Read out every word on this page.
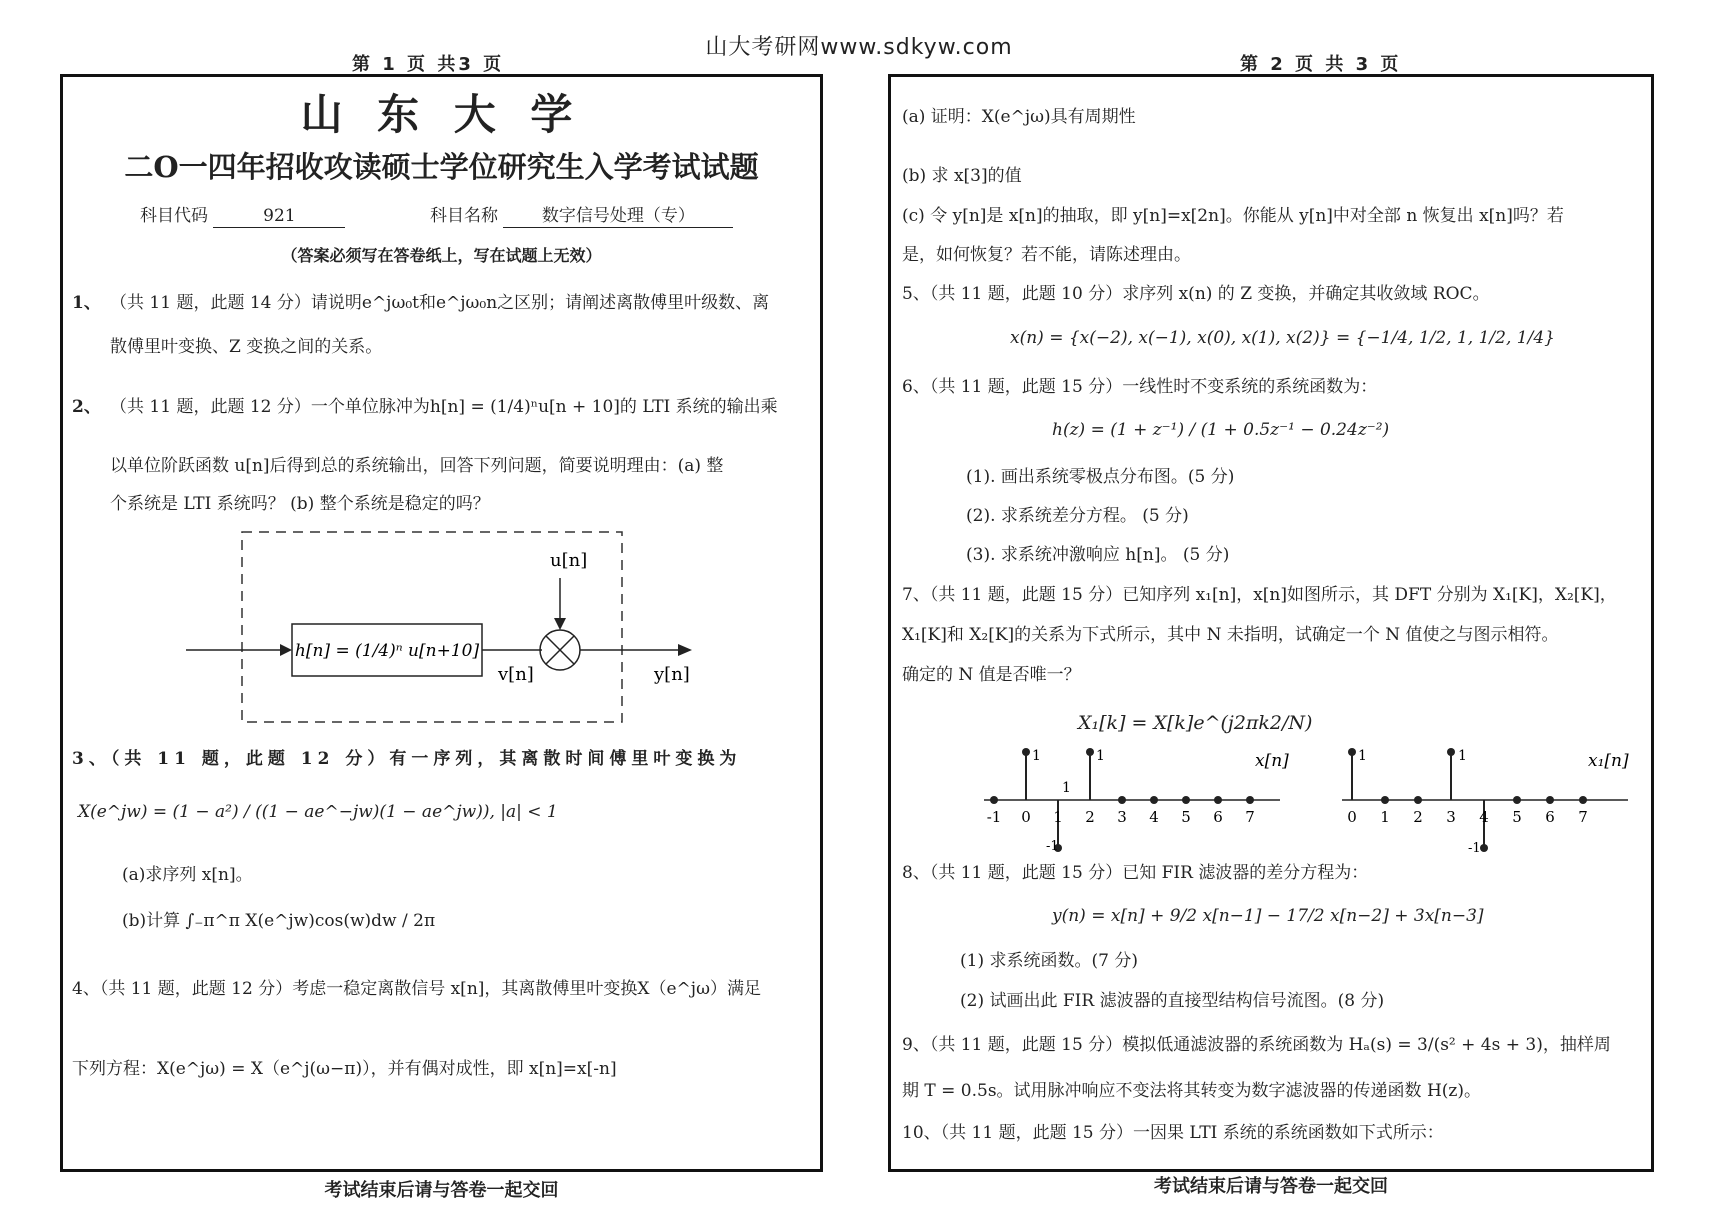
山大考研网www.sdkyw.com
第 1 页 共3 页	第 2 页 共 3 页
山 东 大 学
二O一四年招收攻读硕士学位研究生入学考试试题
科目代码	921	科目名称	数字信号处理（专）
（答案必须写在答卷纸上，写在试题上无效）
1、 （共 11 题，此题 14 分）请说明e^jω₀t和e^jω₀n之区别；请阐述离散傅里叶级数、离
散傅里叶变换、Z 变换之间的关系。
2、 （共 11 题，此题 12 分）一个单位脉冲为h[n] = (1/4)ⁿu[n + 10]的 LTI 系统的输出乘
以单位阶跃函数 u[n]后得到总的系统输出，回答下列问题，简要说明理由：(a) 整
个系统是 LTI 系统吗？ (b) 整个系统是稳定的吗？
h[n] = (1/4)ⁿ u[n+10]
u[n]
v[n]	y[n]
3、（共 11 题，此题 12 分）有一序列，其离散时间傅里叶变换为
X(e^jw) = (1 − a²) / ((1 − ae^−jw)(1 − ae^jw)), |a| < 1
(a)求序列 x[n]。
(b)计算 ∫₋π^π X(e^jw)cos(w)dw / 2π
4、（共 11 题，此题 12 分）考虑一稳定离散信号 x[n]，其离散傅里叶变换X（e^jω）满足
下列方程：X(e^jω) = X（e^j(ω−π)），并有偶对成性，即 x[n]=x[-n]
考试结束后请与答卷一起交回
(a) 证明：X(e^jω)具有周期性
(b) 求 x[3]的值
(c) 令 y[n]是 x[n]的抽取，即 y[n]=x[2n]。你能从 y[n]中对全部 n 恢复出 x[n]吗？若
是，如何恢复？若不能，请陈述理由。
5、（共 11 题，此题 10 分）求序列 x(n) 的 Z 变换，并确定其收敛域 ROC。
x(n) = {x(−2), x(−1), x(0), x(1), x(2)} = {−1/4, 1/2, 1, 1/2, 1/4}
6、（共 11 题，此题 15 分）一线性时不变系统的系统函数为：
h(z) = (1 + z⁻¹) / (1 + 0.5z⁻¹ − 0.24z⁻²)
(1). 画出系统零极点分布图。(5 分)
(2). 求系统差分方程。 (5 分)
(3). 求系统冲激响应 h[n]。 (5 分)
7、（共 11 题，此题 15 分）已知序列 x₁[n]，x[n]如图所示，其 DFT 分别为 X₁[K]，X₂[K]，
X₁[K]和 X₂[K]的关系为下式所示，其中 N 未指明，试确定一个 N 值使之与图示相符。
确定的 N 值是否唯一？
X₁[k] = X[k]e^(j2πk2/N)
-1 0 1 2 3 4 5 6 7
1	1
1
-1
x[n]
0 1 2 3 4 5 6 7
1	1
-1
x₁[n]
8、（共 11 题，此题 15 分）已知 FIR 滤波器的差分方程为：
y(n) = x[n] + 9/2 x[n−1] − 17/2 x[n−2] + 3x[n−3]
(1) 求系统函数。(7 分)
(2) 试画出此 FIR 滤波器的直接型结构信号流图。(8 分)
9、（共 11 题，此题 15 分）模拟低通滤波器的系统函数为 Hₐ(s) = 3/(s² + 4s + 3)，抽样周
期 T = 0.5s。试用脉冲响应不变法将其转变为数字滤波器的传递函数 H(z)。
10、（共 11 题，此题 15 分）一因果 LTI 系统的系统函数如下式所示：
考试结束后请与答卷一起交回
